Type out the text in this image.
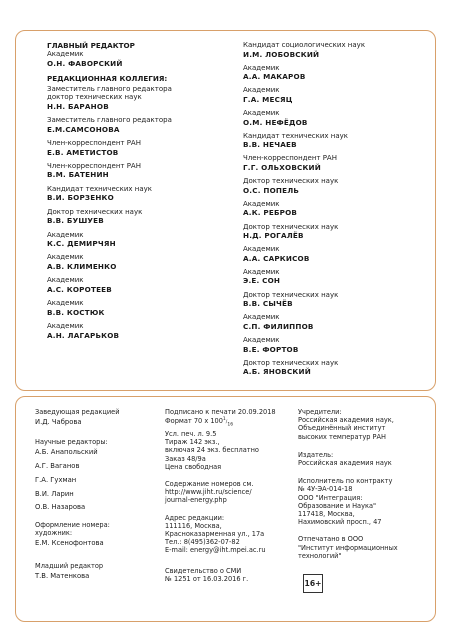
ГЛАВНЫЙ РЕДАКТОР
Академик
О.Н. ФАВОРСКИЙ
РЕДАКЦИОННАЯ КОЛЛЕГИЯ:
Заместитель главного редактора
доктор технических наук
Н.Н. БАРАНОВ
Заместитель главного редактора
Е.М.САМСОНОВА
Член-корреспондент РАН
Е.В. АМЕТИСТОВ
Член-корреспондент РАН
В.М. БАТЕНИН
Кандидат технических наук
В.И. БОРЗЕНКО
Доктор технических наук
В.В. БУШУЕВ
Академик
К.С. ДЕМИРЧЯН
Академик
А.В. КЛИМЕНКО
Академик
А.С. КОРОТЕЕВ
Академик
В.В. КОСТЮК
Академик
А.Н. ЛАГАРЬКОВ
Кандидат социологических наук
И.М. ЛОБОВСКИЙ
Академик
А.А. МАКАРОВ
Академик
Г.А. МЕСЯЦ
Академик
О.М. НЕФЁДОВ
Кандидат технических наук
В.В. НЕЧАЕВ
Член-корреспондент РАН
Г.Г. ОЛЬХОВСКИЙ
Доктор технических наук
О.С. ПОПЕЛЬ
Академик
А.К. РЕБРОВ
Доктор технических наук
Н.Д. РОГАЛЁВ
Академик
А.А. САРКИСОВ
Академик
Э.Е. СОН
Доктор технических наук
В.В. СЫЧЁВ
Академик
С.П. ФИЛИППОВ
Академик
В.Е. ФОРТОВ
Доктор технических наук
А.Б. ЯНОВСКИЙ
Заведующая редакцией
И.Д. Чаброва
Научные редакторы:
А.Б. Анапольский
А.Г. Ваганов
Г.А. Гухман
В.И. Ларин
О.В. Назарова
Оформление номера:
художник:
Е.М. Ксенофонтова
Младший редактор
Т.В. Матенкова
Подписано к печати 20.09.2018
Формат 70 х $100^1/_{16}$
Усл. печ. л. 9.5
Тираж 142 экз.,
включая 24 экз. бесплатно
Заказ 48/9а
Цена свободная
Содержание номеров см.
http://www.jiht.ru/science/
journal-energy.php
Адрес редакции:
111116, Москва,
Красноказарменная ул., 17а
Тел.: 8(495)362-07-82
E-mail: energy@iht.mpei.ac.ru
Свидетельство о СМИ
№ 1251 от 16.03.2016 г.
Учредители:
Российская академия наук,
Объединённый институт
высоких температур РАН
Издатель:
Российская академия наук
Исполнитель по контракту
№ 4У-ЭА-014-18
ООО "Интеграция:
Образование и Наука"
117418, Москва,
Нахимовский просп., 47
Отпечатано в ООО
"Институт информационных
технологий"
16+
